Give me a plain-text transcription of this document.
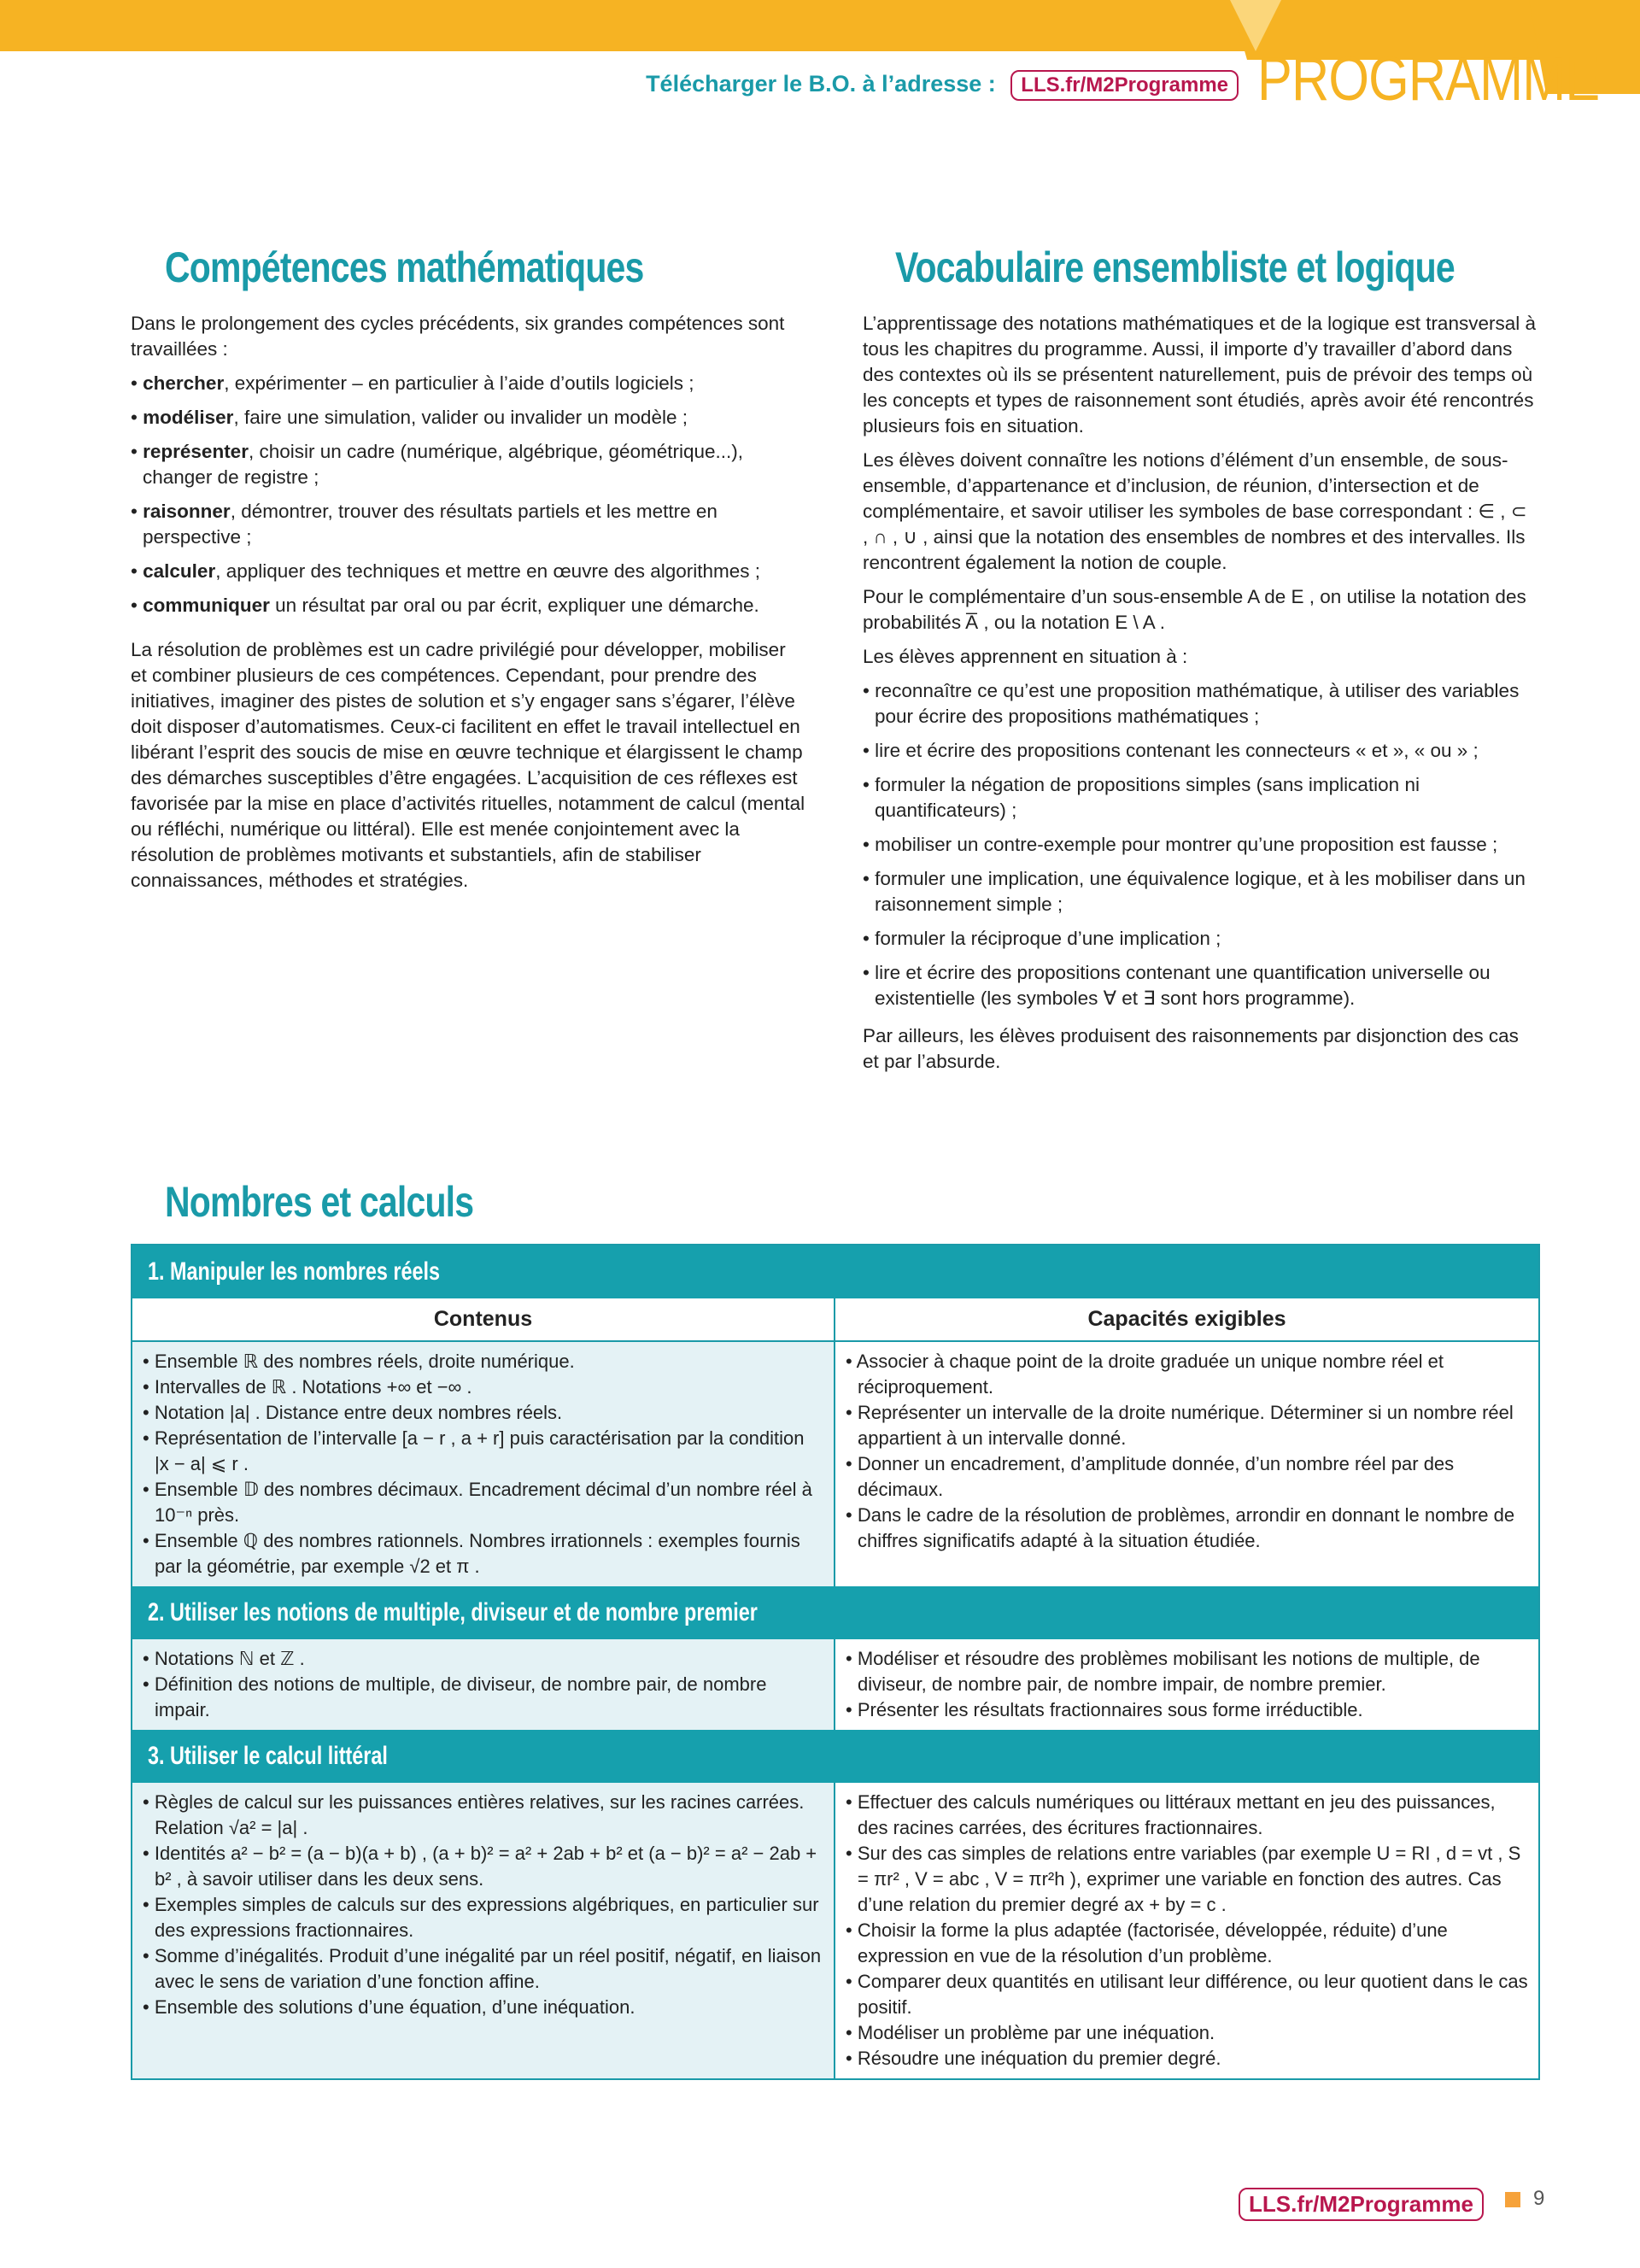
Télécharger le B.O. à l’adresse : LLS.fr/M2Programme PROGRAMME
Compétences mathématiques

Dans le prolongement des cycles précédents, six grandes compétences sont travaillées :

• chercher, expérimenter – en particulier à l’aide d’outils logiciels ;
• modéliser, faire une simulation, valider ou invalider un modèle ;
• représenter, choisir un cadre (numérique, algébrique, géométrique...), changer de registre ;
• raisonner, démontrer, trouver des résultats partiels et les mettre en perspective ;
• calculer, appliquer des techniques et mettre en œuvre des algorithmes ;
• communiquer un résultat par oral ou par écrit, expliquer une démarche.

La résolution de problèmes est un cadre privilégié pour développer, mobiliser et combiner plusieurs de ces compétences. Cependant, pour prendre des initiatives, imaginer des pistes de solution et s’y engager sans s’égarer, l’élève doit disposer d’automatismes. Ceux-ci facilitent en effet le travail intellectuel en libérant l’esprit des soucis de mise en œuvre technique et élargissent le champ des démarches susceptibles d’être engagées. L’acquisition de ces réflexes est favorisée par la mise en place d’activités rituelles, notamment de calcul (mental ou réfléchi, numérique ou littéral). Elle est menée conjointement avec la résolution de problèmes motivants et substantiels, afin de stabiliser connaissances, méthodes et stratégies.

Vocabulaire ensembliste et logique

L’apprentissage des notations mathématiques et de la logique est transversal à tous les chapitres du programme. Aussi, il importe d’y travailler d’abord dans des contextes où ils se présentent naturellement, puis de prévoir des temps où les concepts et types de raisonnement sont étudiés, après avoir été rencontrés plusieurs fois en situation.

Les élèves doivent connaître les notions d’élément d’un ensemble, de sous-ensemble, d’appartenance et d’inclusion, de réunion, d’intersection et de complémentaire, et savoir utiliser les symboles de base correspondant : ∈ , ⊂ , ∩ , ∪ , ainsi que la notation des ensembles de nombres et des intervalles. Ils rencontrent également la notion de couple.

Pour le complémentaire d’un sous-ensemble A de E , on utilise la notation des probabilités A̅ , ou la notation E \ A .

Les élèves apprennent en situation à :

• reconnaître ce qu’est une proposition mathématique, à utiliser des variables pour écrire des propositions mathématiques ;
• lire et écrire des propositions contenant les connecteurs « et », « ou » ;
• formuler la négation de propositions simples (sans implication ni quantificateurs) ;
• mobiliser un contre-exemple pour montrer qu’une proposition est fausse ;
• formuler une implication, une équivalence logique, et à les mobiliser dans un raisonnement simple ;
• formuler la réciproque d’une implication ;
• lire et écrire des propositions contenant une quantification universelle ou existentielle (les symboles ∀ et ∃ sont hors programme).

Par ailleurs, les élèves produisent des raisonnements par disjonction des cas et par l’absurde.

Nombres et calculs
1. Manipuler les nombres réels
Contenus	Capacités exigibles
• Ensemble ℝ des nombres réels, droite numérique.
• Intervalles de ℝ . Notations +∞ et −∞ .
• Notation |a| . Distance entre deux nombres réels.
• Représentation de l’intervalle [a − r , a + r] puis caractérisation par la condition |x − a| ⩽ r .
• Ensemble 𝔻 des nombres décimaux. Encadrement décimal d’un nombre réel à 10⁻ⁿ près.
• Ensemble ℚ des nombres rationnels. Nombres irrationnels : exemples fournis par la géométrie, par exemple √2 et π .
• Associer à chaque point de la droite graduée un unique nombre réel et réciproquement.
• Représenter un intervalle de la droite numérique. Déterminer si un nombre réel appartient à un intervalle donné.
• Donner un encadrement, d’amplitude donnée, d’un nombre réel par des décimaux.
• Dans le cadre de la résolution de problèmes, arrondir en donnant le nombre de chiffres significatifs adapté à la situation étudiée.
2. Utiliser les notions de multiple, diviseur et de nombre premier
• Notations ℕ et ℤ .
• Définition des notions de multiple, de diviseur, de nombre pair, de nombre impair.
• Modéliser et résoudre des problèmes mobilisant les notions de multiple, de diviseur, de nombre pair, de nombre impair, de nombre premier.
• Présenter les résultats fractionnaires sous forme irréductible.
3. Utiliser le calcul littéral
• Règles de calcul sur les puissances entières relatives, sur les racines carrées. Relation √a² = |a| .
• Identités a² − b² = (a − b)(a + b) , (a + b)² = a² + 2ab + b² et (a − b)² = a² − 2ab + b² , à savoir utiliser dans les deux sens.
• Exemples simples de calculs sur des expressions algébriques, en particulier sur des expressions fractionnaires.
• Somme d’inégalités. Produit d’une inégalité par un réel positif, négatif, en liaison avec le sens de variation d’une fonction affine.
• Ensemble des solutions d’une équation, d’une inéquation.
• Effectuer des calculs numériques ou littéraux mettant en jeu des puissances, des racines carrées, des écritures fractionnaires.
• Sur des cas simples de relations entre variables (par exemple U = RI , d = vt , S = πr² , V = abc , V = πr²h ), exprimer une variable en fonction des autres. Cas d’une relation du premier degré ax + by = c .
• Choisir la forme la plus adaptée (factorisée, développée, réduite) d’une expression en vue de la résolution d’un problème.
• Comparer deux quantités en utilisant leur différence, ou leur quotient dans le cas positif.
• Modéliser un problème par une inéquation.
• Résoudre une inéquation du premier degré.
LLS.fr/M2Programme	9
